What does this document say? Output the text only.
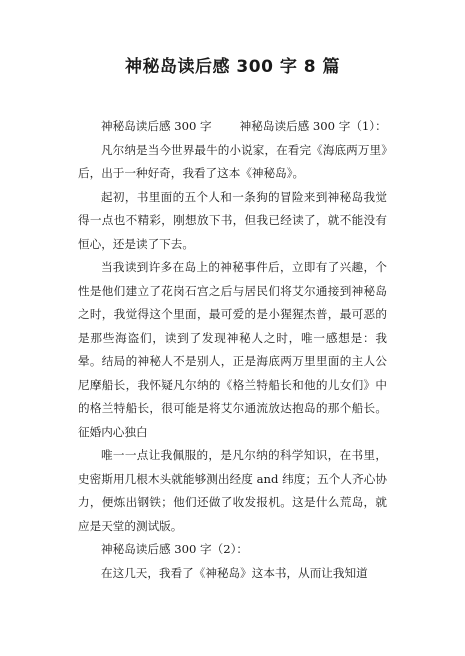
神秘岛读后感 300 字 8 篇

神秘岛读后感 300 字 神秘岛读后感 300 字（1）：

凡尔纳是当今世界最牛的小说家，在看完《海底两万里》后，出于一种好奇，我看了这本《神秘岛》。

起初，书里面的五个人和一条狗的冒险来到神秘岛我觉得一点也不精彩，刚想放下书，但我已经读了，就不能没有恒心，还是读了下去。

当我读到许多在岛上的神秘事件后，立即有了兴趣，个性是他们建立了花岗石宫之后与居民们将艾尔通接到神秘岛之时，我觉得这个里面，最可爱的是小猩猩杰普，最可恶的是那些海盗们，读到了发现神秘人之时，唯一感想是：我晕。结局的神秘人不是别人，正是海底两万里里面的主人公尼摩船长，我怀疑凡尔纳的《格兰特船长和他的儿女们》中的格兰特船长，很可能是将艾尔通流放达抱岛的那个船长。征婚内心独白

唯一一点让我佩服的，是凡尔纳的科学知识，在书里，史密斯用几根木头就能够测出经度 and 纬度；五个人齐心协力，便炼出钢铁；他们还做了收发报机。这是什么荒岛，就应是天堂的测试版。

神秘岛读后感 300 字（2）：

在这几天，我看了《神秘岛》这本书，从而让我知道
